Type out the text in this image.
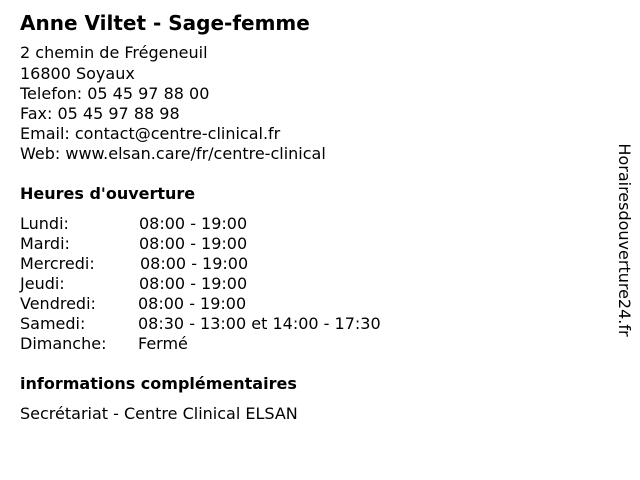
Anne Viltet - Sage-femme
2 chemin de Frégeneuil
16800 Soyaux
Telefon: 05 45 97 88 00
Fax: 05 45 97 88 98
Email: contact@centre-clinical.fr
Web: www.elsan.care/fr/centre-clinical
Heures d'ouverture
Lundi:	08:00 - 19:00
Mardi:	08:00 - 19:00
Mercredi:	08:00 - 19:00
Jeudi:	08:00 - 19:00
Vendredi:	08:00 - 19:00
Samedi:	08:30 - 13:00 et 14:00 - 17:30
Dimanche: Fermé
informations complémentaires
Secrétariat - Centre Clinical ELSAN
Horairesdouverture24.fr
